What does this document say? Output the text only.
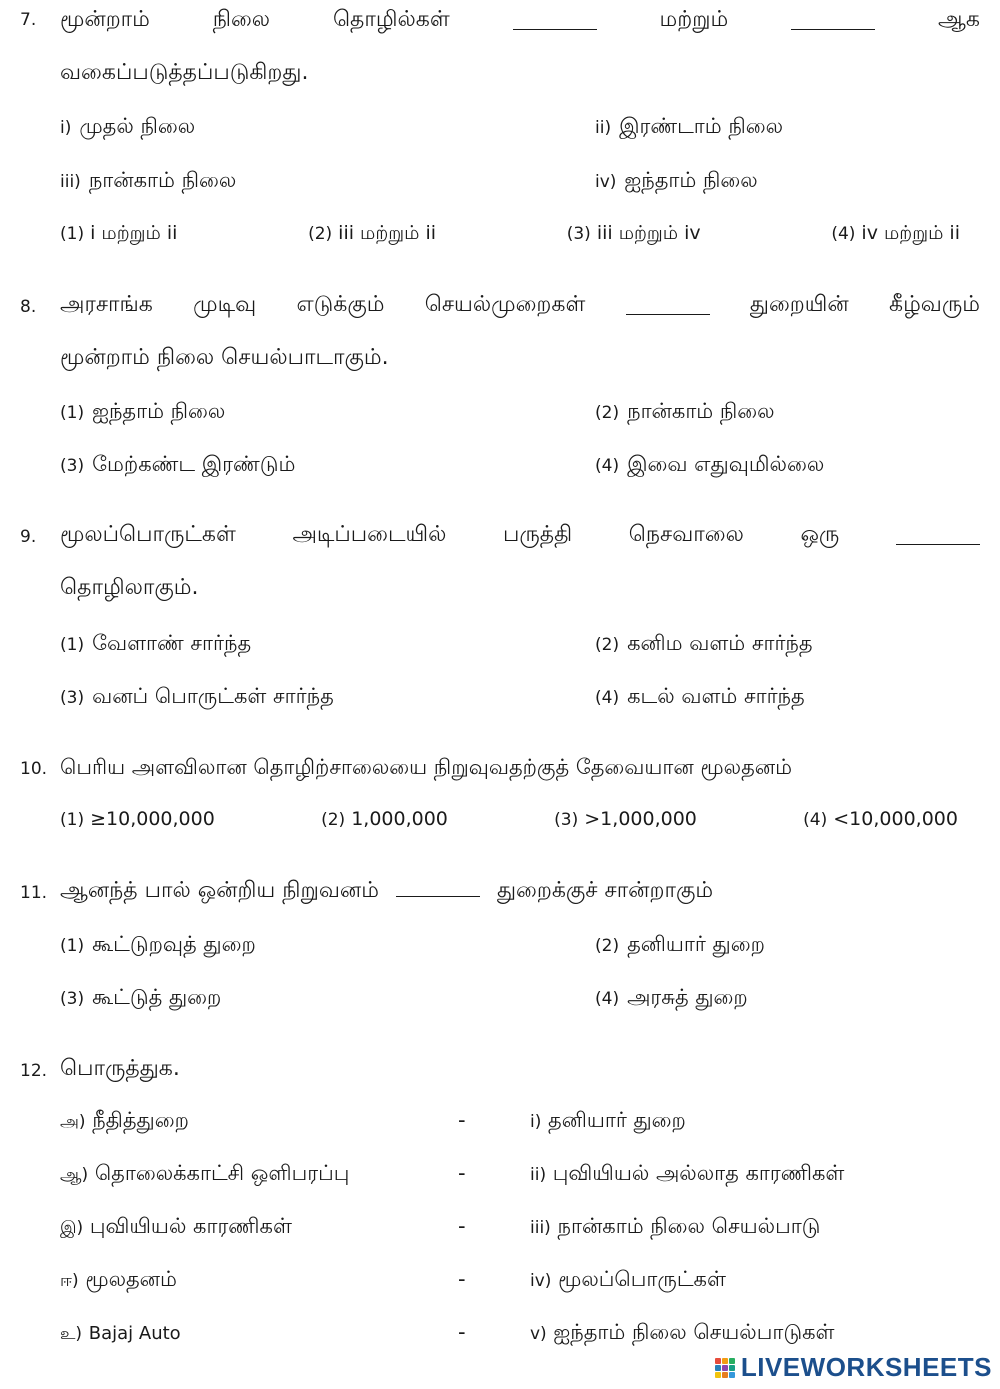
7. மூன்றாம்	நிலை	தொழில்கள்	மற்றும்	ஆக
வகைப்படுத்தப்படுகிறது.
i) முதல் நிலை	ii) இரண்டாம் நிலை
iii) நான்காம் நிலை	iv) ஐந்தாம் நிலை
(1) i மற்றும் ii	(2) iii மற்றும் ii	(3) iii மற்றும் iv	(4) iv மற்றும் ii
8. அரசாங்க முடிவு எடுக்கும் செயல்முறைகள்	துறையின் கீழ்வரும்
மூன்றாம் நிலை செயல்பாடாகும்.
(1) ஐந்தாம் நிலை	(2) நான்காம் நிலை
(3) மேற்கண்ட இரண்டும்	(4) இவை எதுவுமில்லை
9. மூலப்பொருட்கள்	அடிப்படையில்	பருத்தி	நெசவாலை	ஒரு
தொழிலாகும்.
(1) வேளாண் சார்ந்த	(2) கனிம வளம் சார்ந்த
(3) வனப் பொருட்கள் சார்ந்த	(4) கடல் வளம் சார்ந்த
10. பெரிய அளவிலான தொழிற்சாலையை நிறுவுவதற்குத் தேவையான மூலதனம்
(1) ≥10,000,000	(2) 1,000,000	(3) >1,000,000	(4) <10,000,000
11. ஆனந்த் பால் ஒன்றிய நிறுவனம்	துறைக்குச் சான்றாகும்
(1) கூட்டுறவுத் துறை	(2) தனியார் துறை
(3) கூட்டுத் துறை	(4) அரசுத் துறை
12. பொருத்துக.
அ) நீதித்துறை	-	i) தனியார் துறை
ஆ) தொலைக்காட்சி ஒளிபரப்பு	-	ii) புவியியல் அல்லாத காரணிகள்
இ) புவியியல் காரணிகள்	-	iii) நான்காம் நிலை செயல்பாடு
ஈ) மூலதனம்	-	iv) மூலப்பொருட்கள்
உ) Bajaj Auto	-	v) ஐந்தாம் நிலை செயல்பாடுகள்
LIVEWORKSHEETS
